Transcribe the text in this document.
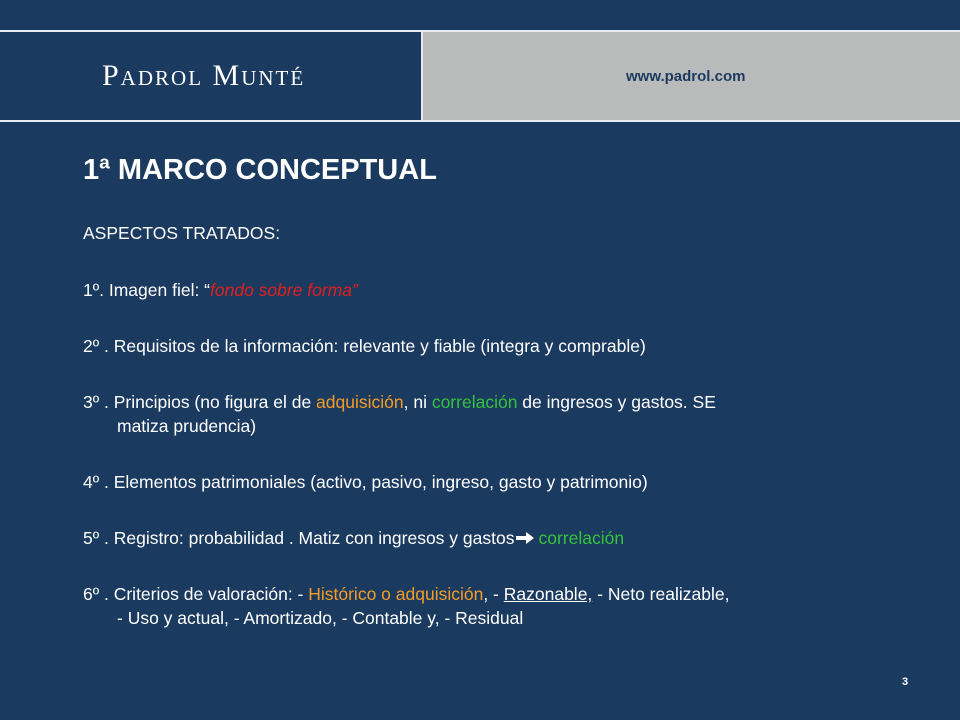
Padrol Munté	www.padrol.com
1ª MARCO CONCEPTUAL
ASPECTOS TRATADOS:
1º. Imagen fiel: “fondo sobre forma”
2º . Requisitos de la información: relevante y fiable (integra y comprable)
3º . Principios (no figura el de adquisición, ni correlación de ingresos y gastos. SE
matiza prudencia)
4º . Elementos patrimoniales (activo, pasivo, ingreso, gasto y patrimonio)
5º . Registro: probabilidad . Matiz con ingresos y gastos correlación
6º . Criterios de valoración: - Histórico o adquisición, - Razonable, - Neto realizable,
- Uso y actual, - Amortizado, - Contable y, - Residual
3
